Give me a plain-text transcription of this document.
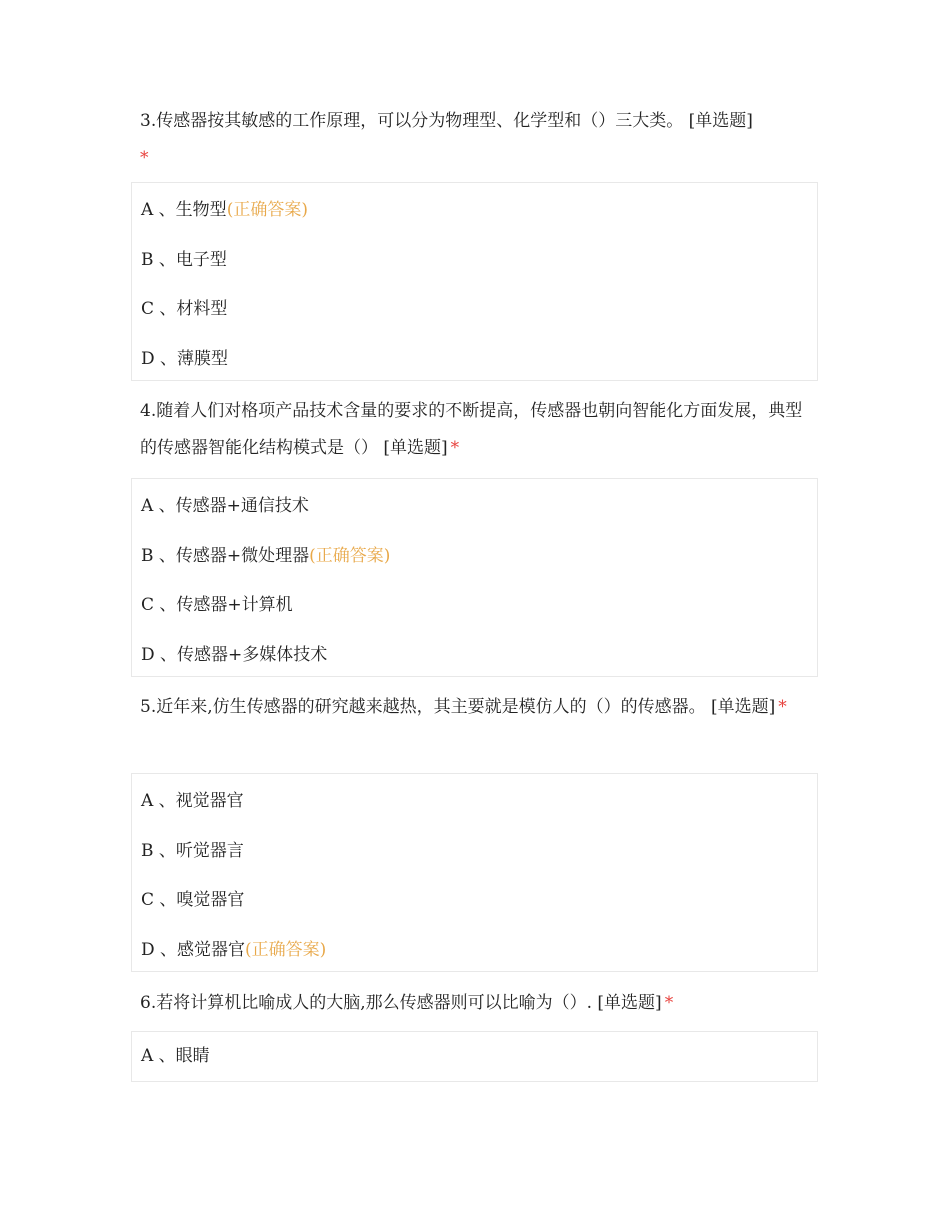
3.传感器按其敏感的工作原理，可以分为物理型、化学型和（）三大类。 [单选题]
*
A 、生物型(正确答案)
B 、电子型
C 、材料型
D 、薄膜型
4.随着人们对格项产品技术含量的要求的不断提高，传感器也朝向智能化方面发展，典型的传感器智能化结构模式是（） [单选题] *
A 、传感器+通信技术
B 、传感器+微处理器(正确答案)
C 、传感器+计算机
D 、传感器+多媒体技术
5.近年来,仿生传感器的研究越来越热，其主要就是模仿人的（）的传感器。 [单选题] *
A 、视觉器官
B 、听觉器言
C 、嗅觉器官
D 、感觉器官(正确答案)
6.若将计算机比喻成人的大脑,那么传感器则可以比喻为（）. [单选题] *
A 、眼睛
